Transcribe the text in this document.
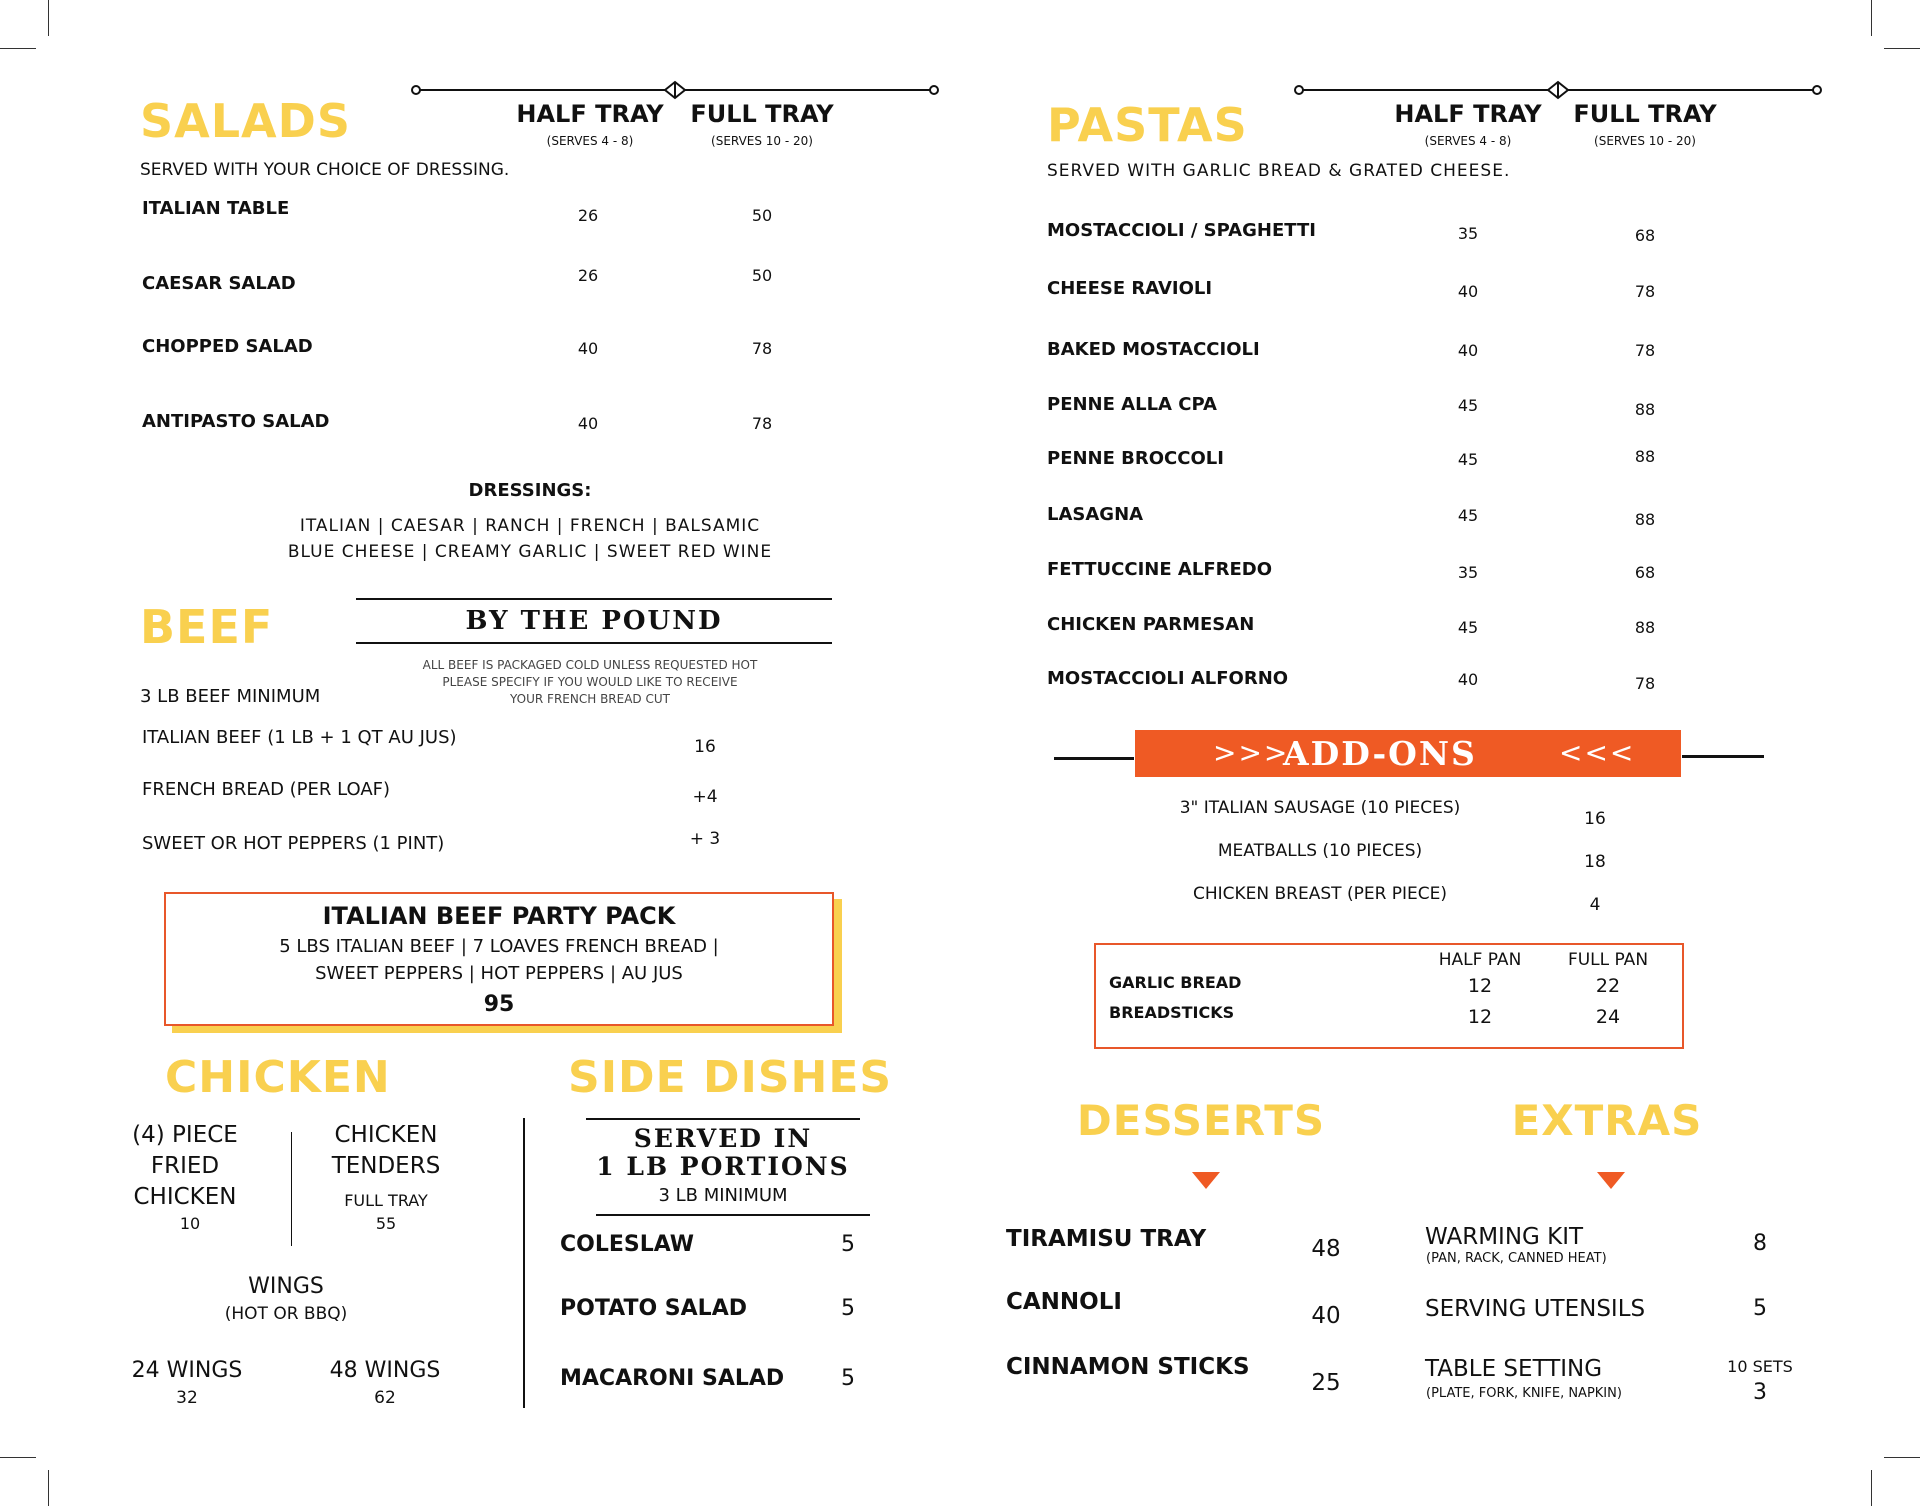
SALADS	HALF TRAY
(SERVES 4 - 8)
FULL TRAY
(SERVES 10 - 20)
SERVED WITH YOUR CHOICE OF DRESSING.
ITALIAN TABLE	26	50
CAESAR SALAD	26	50
CHOPPED SALAD	40	78
ANTIPASTO SALAD	40	78
DRESSINGS:
ITALIAN | CAESAR | RANCH | FRENCH | BALSAMIC
BLUE CHEESE | CREAMY GARLIC | SWEET RED WINE
BEEF	BY THE POUND
ALL BEEF IS PACKAGED COLD UNLESS REQUESTED HOT
PLEASE SPECIFY IF YOU WOULD LIKE TO RECEIVE
YOUR FRENCH BREAD CUT
3 LB BEEF MINIMUM
ITALIAN BEEF (1 LB + 1 QT AU JUS)	16
FRENCH BREAD (PER LOAF)	+4
SWEET OR HOT PEPPERS (1 PINT)	+ 3
ITALIAN BEEF PARTY PACK
5 LBS ITALIAN BEEF | 7 LOAVES FRENCH BREAD |
SWEET PEPPERS | HOT PEPPERS | AU JUS
95
CHICKEN
(4) PIECE
FRIED
CHICKEN
10
CHICKEN
TENDERS
FULL TRAY
55
WINGS
(HOT OR BBQ)
24 WINGS
32
48 WINGS
62
SIDE DISHES
SERVED IN
1 LB PORTIONS
3 LB MINIMUM
COLESLAW	5
POTATO SALAD	5
MACARONI SALAD	5
PASTAS	HALF TRAY
(SERVES 4 - 8)
FULL TRAY
(SERVES 10 - 20)
SERVED WITH GARLIC BREAD & GRATED CHEESE.
MOSTACCIOLI / SPAGHETTI	35	68
CHEESE RAVIOLI	40	78
BAKED MOSTACCIOLI	40	78
PENNE ALLA CPA	45	88
PENNE BROCCOLI	45	88
LASAGNA	45	88
FETTUCCINE ALFREDO	35	68
CHICKEN PARMESAN	45	88
MOSTACCIOLI ALFORNO	40	78
>>>
ADD-ONS	<<<
3" ITALIAN SAUSAGE (10 PIECES)
16
MEATBALLS (10 PIECES)
18
CHICKEN BREAST (PER PIECE)
4
HALF PAN	FULL PAN
GARLIC BREAD	12	22
BREADSTICKS	12	24
DESSERTS
TIRAMISU TRAY	48
CANNOLI
40
CINNAMON STICKS
25
EXTRAS
WARMING KIT
(PAN, RACK, CANNED HEAT)
8
SERVING UTENSILS	5
TABLE SETTING
(PLATE, FORK, KNIFE, NAPKIN)
10 SETS
3
